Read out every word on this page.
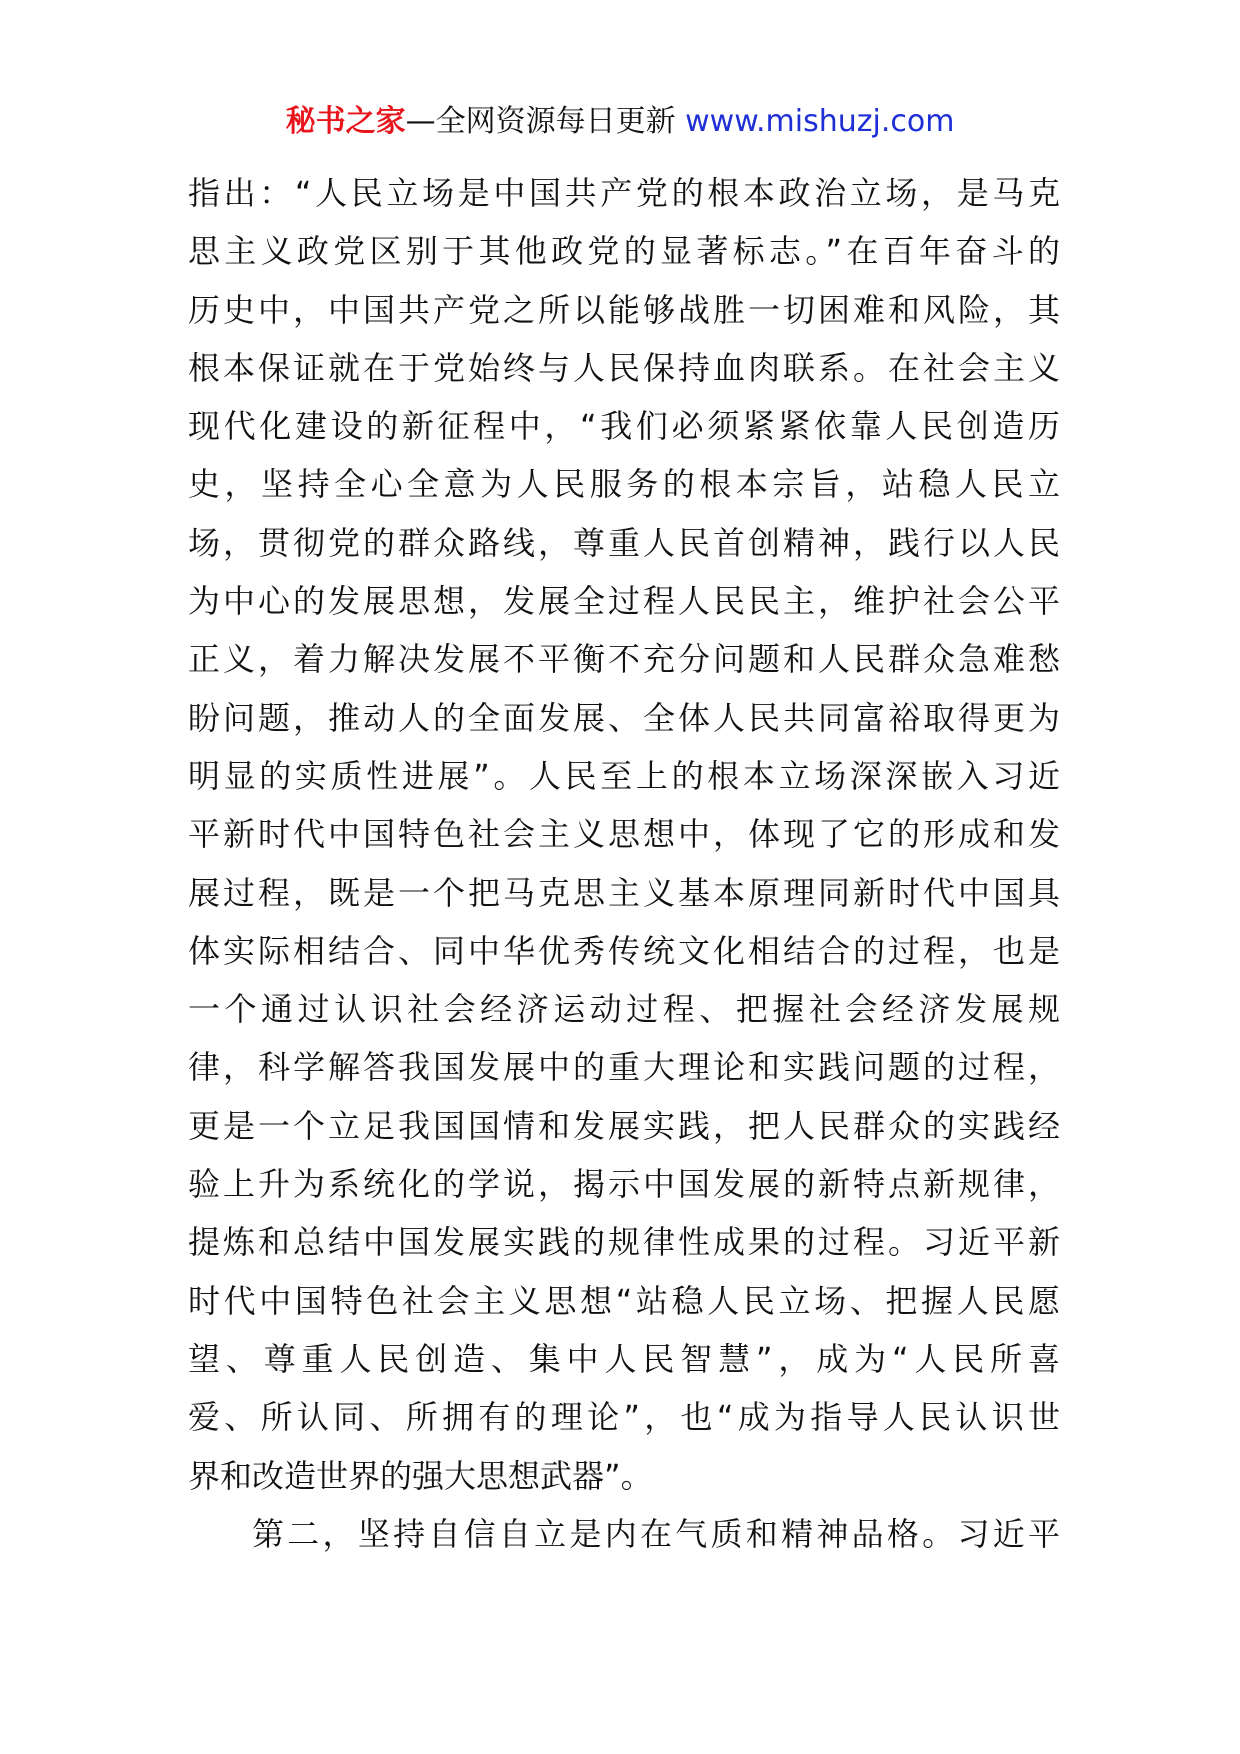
秘书之家—全网资源每日更新 www.mishuzj.com

指出：“人民立场是中国共产党的根本政治立场，是马克

思主义政党区别于其他政党的显著标志。”在百年奋斗的

历史中，中国共产党之所以能够战胜一切困难和风险，其

根本保证就在于党始终与人民保持血肉联系。在社会主义

现代化建设的新征程中，“我们必须紧紧依靠人民创造历

史，坚持全心全意为人民服务的根本宗旨，站稳人民立

场，贯彻党的群众路线，尊重人民首创精神，践行以人民

为中心的发展思想，发展全过程人民民主，维护社会公平

正义，着力解决发展不平衡不充分问题和人民群众急难愁

盼问题，推动人的全面发展、全体人民共同富裕取得更为

明显的实质性进展”。人民至上的根本立场深深嵌入习近

平新时代中国特色社会主义思想中，体现了它的形成和发

展过程，既是一个把马克思主义基本原理同新时代中国具

体实际相结合、同中华优秀传统文化相结合的过程，也是

一个通过认识社会经济运动过程、把握社会经济发展规

律，科学解答我国发展中的重大理论和实践问题的过程，

更是一个立足我国国情和发展实践，把人民群众的实践经

验上升为系统化的学说，揭示中国发展的新特点新规律，

提炼和总结中国发展实践的规律性成果的过程。习近平新

时代中国特色社会主义思想“站稳人民立场、把握人民愿

望、尊重人民创造、集中人民智慧”，成为“人民所喜

爱、所认同、所拥有的理论”，也“成为指导人民认识世

界和改造世界的强大思想武器”。

第二，坚持自信自立是内在气质和精神品格。习近平
